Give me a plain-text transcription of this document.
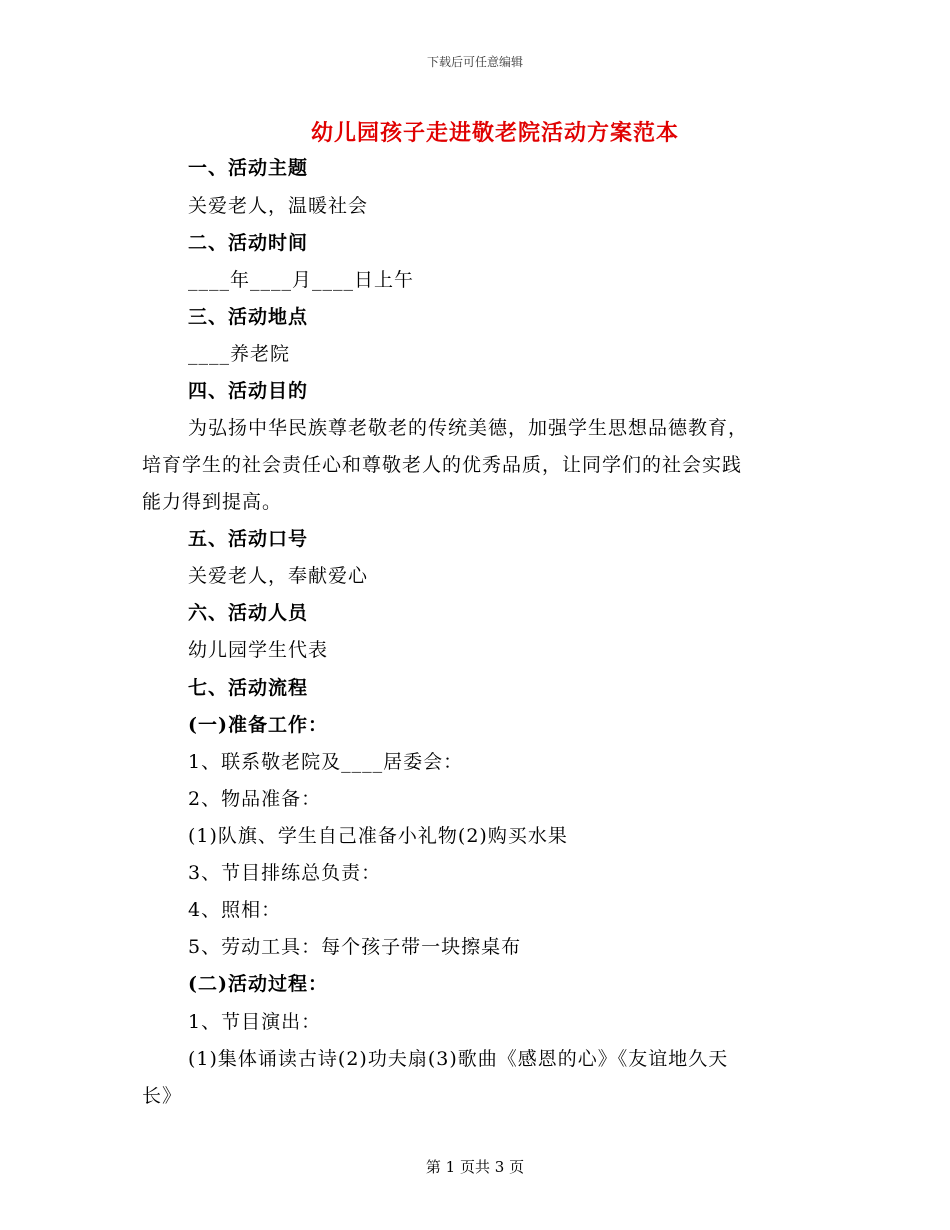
下载后可任意编辑
幼儿园孩子走进敬老院活动方案范本
一、活动主题
关爱老人，温暖社会
二、活动时间
____年____月____日上午
三、活动地点
____养老院
四、活动目的
为弘扬中华民族尊老敬老的传统美德，加强学生思想品德教育，
培育学生的社会责任心和尊敬老人的优秀品质，让同学们的社会实践
能力得到提高。
五、活动口号
关爱老人，奉献爱心
六、活动人员
幼儿园学生代表
七、活动流程
(一)准备工作：
1、联系敬老院及____居委会：
2、物品准备：
(1)队旗、学生自己准备小礼物(2)购买水果
3、节目排练总负责：
4、照相：
5、劳动工具：每个孩子带一块擦桌布
(二)活动过程：
1、节目演出：
(1)集体诵读古诗(2)功夫扇(3)歌曲《感恩的心》《友谊地久天
长》
第 1 页共 3 页
